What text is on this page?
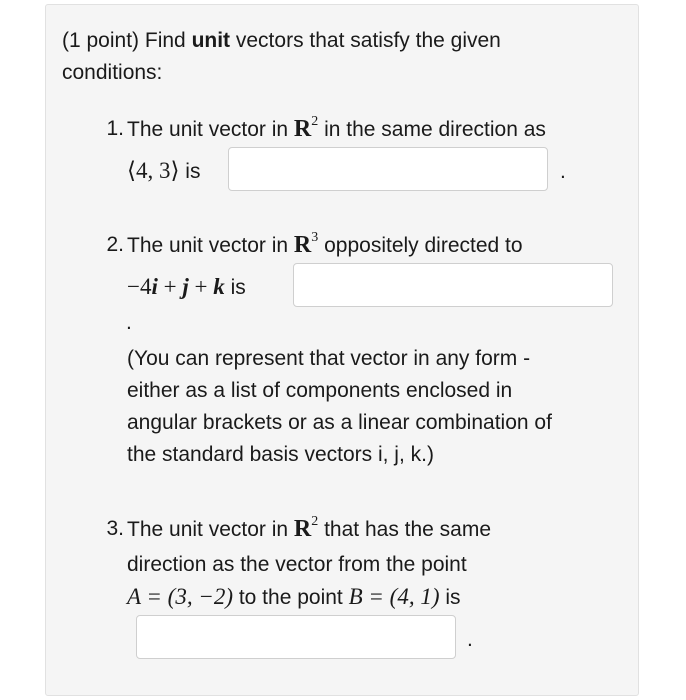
(1 point) Find unit vectors that satisfy the given
conditions:
1. The unit vector in $R^2$ in the same direction as
⟨4, 3⟩ is	.
2. The unit vector in $R^3$ oppositely directed to
−4i + j + k is
.
(You can represent that vector in any form -
either as a list of components enclosed in
angular brackets or as a linear combination of
the standard basis vectors i, j, k.)
3. The unit vector in $R^2$ that has the same
direction as the vector from the point
A = (3, −2) to the point B = (4, 1) is
.
